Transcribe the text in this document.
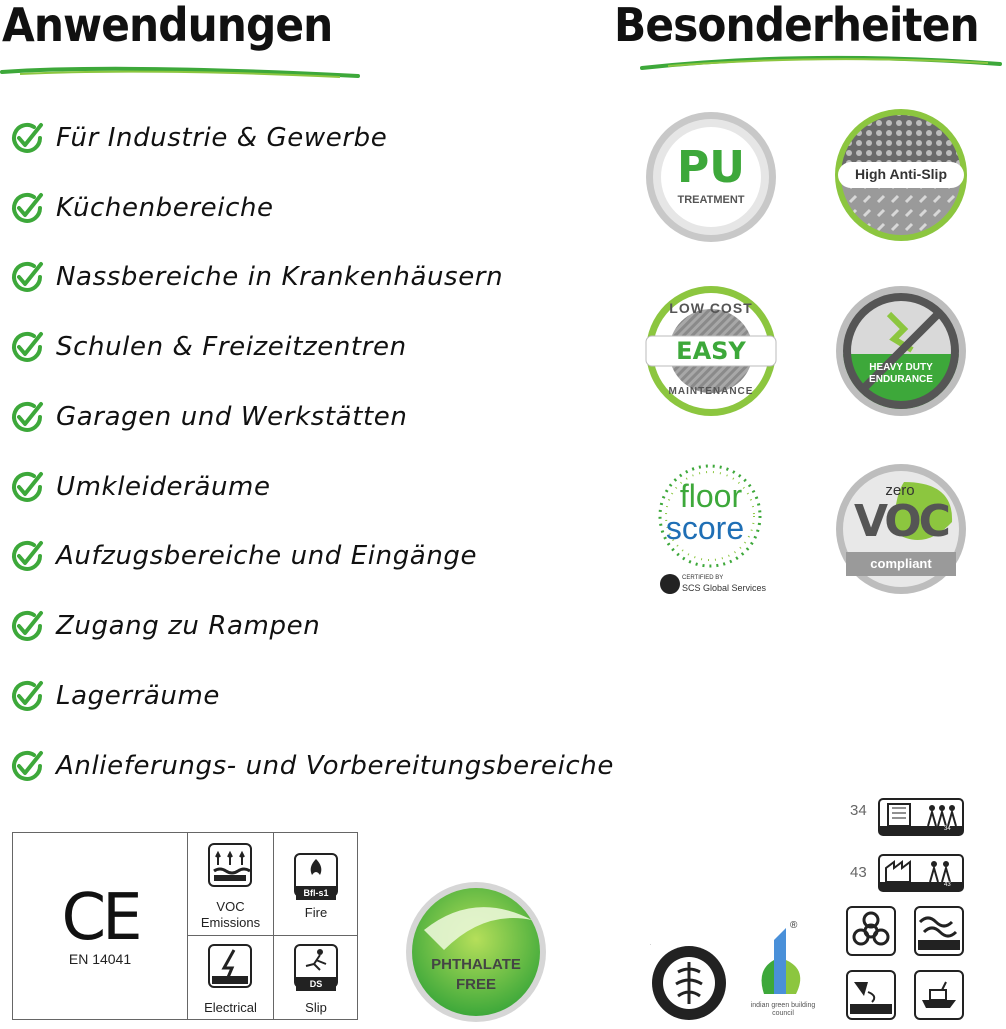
Anwendungen	Besonderheiten
Für Industrie & Gewerbe
Küchenbereiche
Nassbereiche in Krankenhäusern
Schulen & Freizeitzentren
Garagen und Werkstätten
Umkleideräume
Aufzugsbereiche und Eingänge
Zugang zu Rampen
Lagerräume
Anlieferungs- und Vorbereitungsbereiche
PU
TREATMENT
High Anti-Slip
LOW COST
EASY
MAINTENANCE
HEAVY DUTY
ENDURANCE
floor
score
CERTIFIED BY
SCS Global Services
zero
VOC
compliant
CE
EN 14041
VOC
Emissions
Bfl-s1
Fire
Electrical
DS
Slip
PHTHALATE
FREE
34
34
43
43
U.
®
indian green building council
